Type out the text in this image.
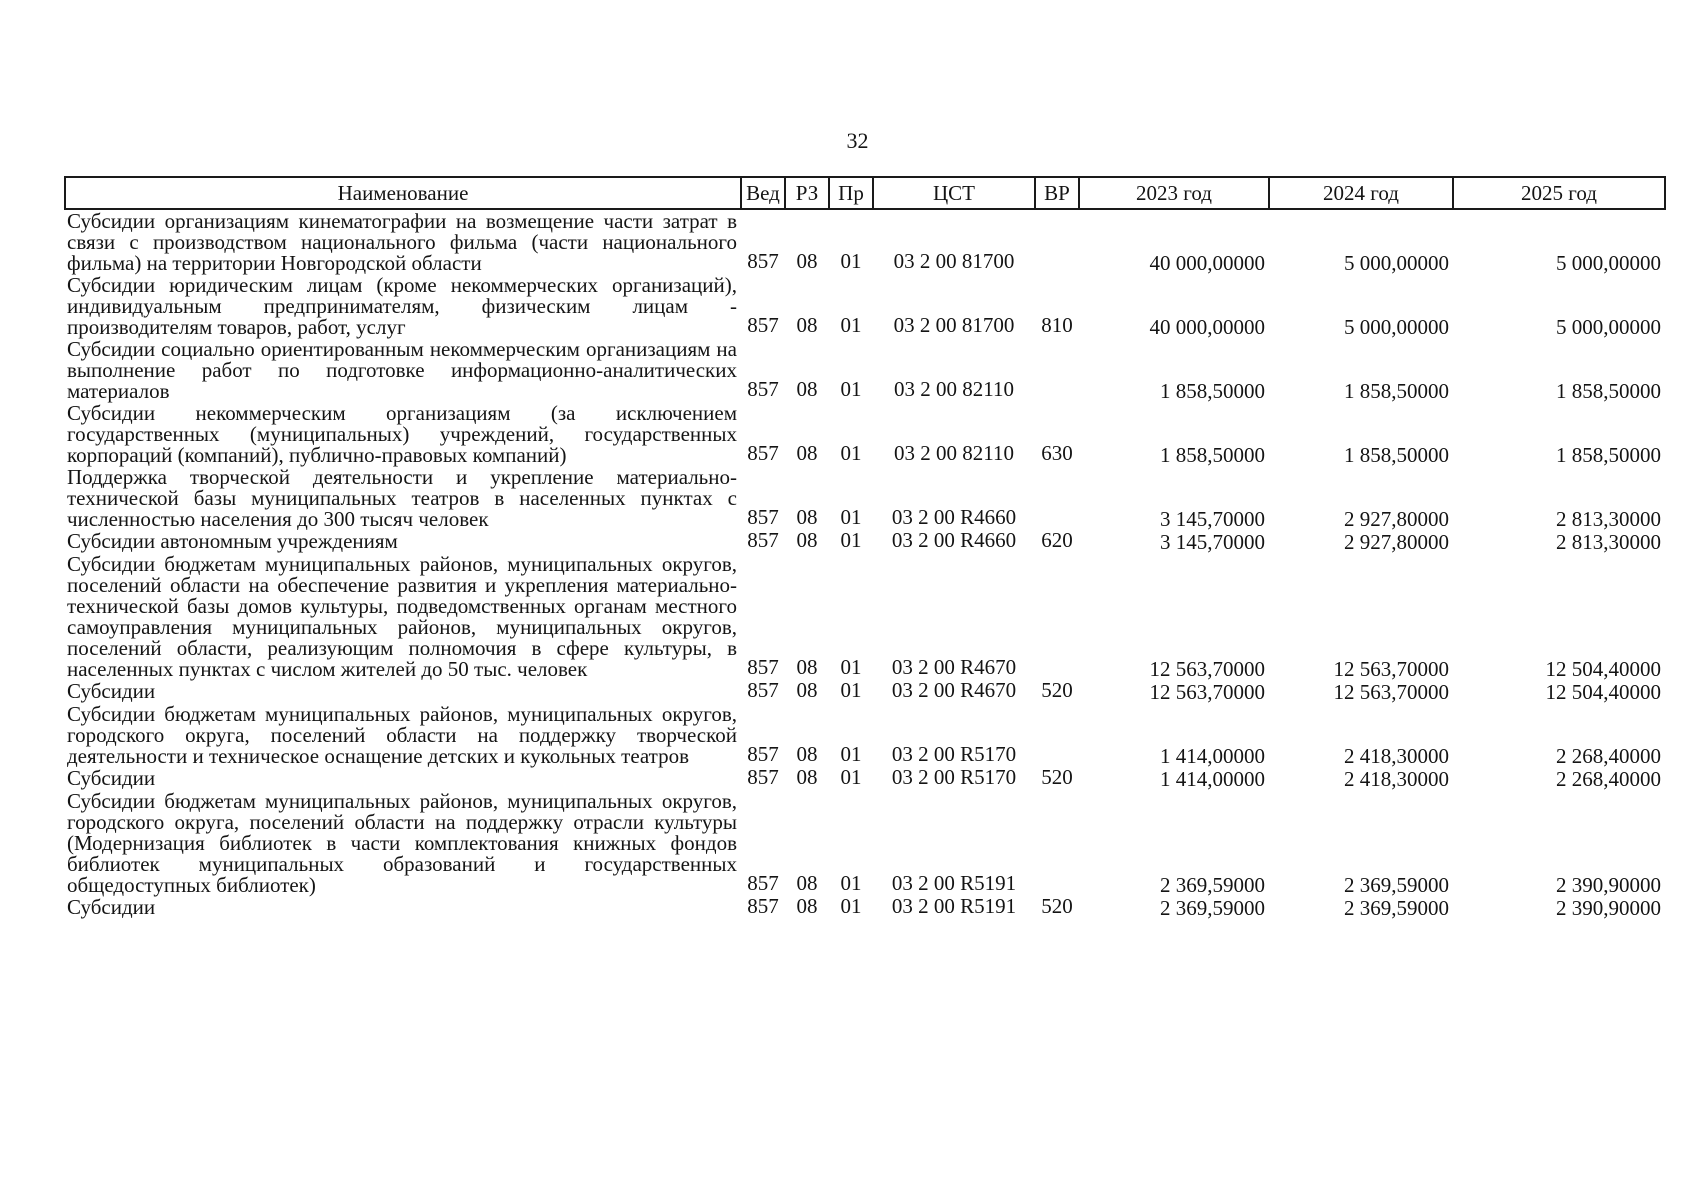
32
Наименование	Вед	РЗ	Пр	ЦСТ	ВР	2023 год	2024 год	2025 год
Субсидии организациям кинематографии на возмещение части затрат в связи с производством национального фильма (части национального фильма) на территории Новгородской области	857	08	01	03 2 00 81700		40 000,00000	5 000,00000	5 000,00000
Субсидии юридическим лицам (кроме некоммерческих организаций), индивидуальным предпринимателям, физическим лицам - производителям товаров, работ, услуг	857	08	01	03 2 00 81700	810	40 000,00000	5 000,00000	5 000,00000
Субсидии социально ориентированным некоммерческим организациям на выполнение работ по подготовке информационно-аналитических материалов	857	08	01	03 2 00 82110		1 858,50000	1 858,50000	1 858,50000
Субсидии некоммерческим организациям (за исключением государственных (муниципальных) учреждений, государственных корпораций (компаний), публично-правовых компаний)	857	08	01	03 2 00 82110	630	1 858,50000	1 858,50000	1 858,50000
Поддержка творческой деятельности и укрепление материально-технической базы муниципальных театров в населенных пунктах с численностью населения до 300 тысяч человек	857	08	01	03 2 00 R4660		3 145,70000	2 927,80000	2 813,30000
Субсидии автономным учреждениям	857	08	01	03 2 00 R4660	620	3 145,70000	2 927,80000	2 813,30000
Субсидии бюджетам муниципальных районов, муниципальных округов, поселений области на обеспечение развития и укрепления материально-технической базы домов культуры, подведомственных органам местного самоуправления муниципальных районов, муниципальных округов, поселений области, реализующим полномочия в сфере культуры, в населенных пунктах с числом жителей до 50 тыс. человек	857	08	01	03 2 00 R4670		12 563,70000	12 563,70000	12 504,40000
Субсидии	857	08	01	03 2 00 R4670	520	12 563,70000	12 563,70000	12 504,40000
Субсидии бюджетам муниципальных районов, муниципальных округов, городского округа, поселений области на поддержку творческой деятельности и техническое оснащение детских и кукольных театров	857	08	01	03 2 00 R5170		1 414,00000	2 418,30000	2 268,40000
Субсидии	857	08	01	03 2 00 R5170	520	1 414,00000	2 418,30000	2 268,40000
Субсидии бюджетам муниципальных районов, муниципальных округов, городского округа, поселений области на поддержку отрасли культуры (Модернизация библиотек в части комплектования книжных фондов библиотек муниципальных образований и государственных общедоступных библиотек)	857	08	01	03 2 00 R5191		2 369,59000	2 369,59000	2 390,90000
Субсидии	857	08	01	03 2 00 R5191	520	2 369,59000	2 369,59000	2 390,90000
